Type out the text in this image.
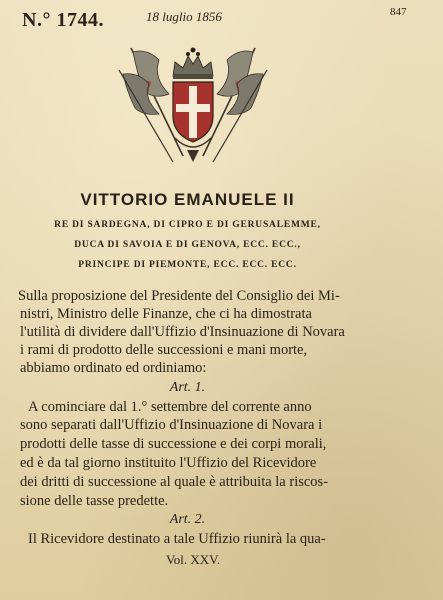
N.° 1744.	18 luglio 1856	847
VITTORIO EMANUELE II
RE DI SARDEGNA, DI CIPRO E DI GERUSALEMME,
DUCA DI SAVOIA E DI GENOVA, ECC. ECC.,
PRINCIPE DI PIEMONTE, ECC. ECC. ECC.
Sulla proposizione del Presidente del Consiglio dei Mi-
nistri, Ministro delle Finanze, che ci ha dimostrata
l'utilità di dividere dall'Uffizio d'Insinuazione di Novara
i rami di prodotto delle successioni e mani morte,
abbiamo ordinato ed ordiniamo:
Art. 1.
A cominciare dal 1.° settembre del corrente anno
sono separati dall'Uffizio d'Insinuazione di Novara i
prodotti delle tasse di successione e dei corpi morali,
ed è da tal giorno instituito l'Uffizio del Ricevidore
dei dritti di successione al quale è attribuita la riscos-
sione delle tasse predette.
Art. 2.
Il Ricevidore destinato a tale Uffizio riunirà la qua-
Vol. XXV.
